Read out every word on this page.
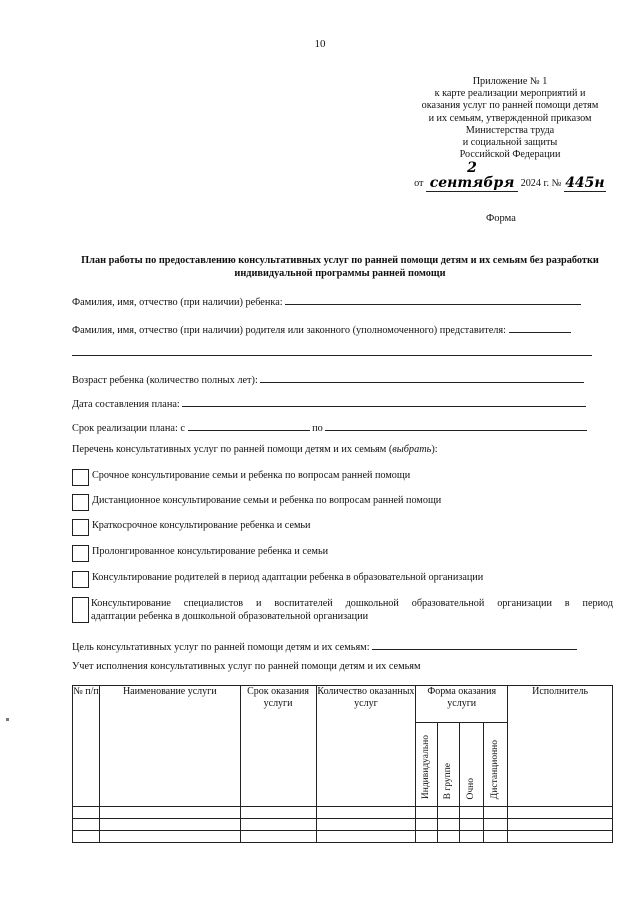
10
Приложение № 1
к карте реализации мероприятий и
оказания услуг по ранней помощи детям
и их семьям, утвержденной приказом
Министерства труда
и социальной защиты
Российской Федерации
от 2 сентября 2024 г. № 445н
Форма
План работы по предоставлению консультативных услуг по ранней помощи детям и их семьям без разработки индивидуальной программы ранней помощи
Фамилия, имя, отчество (при наличии) ребенка:
Фамилия, имя, отчество (при наличии) родителя или законного (уполномоченного) представителя:
Возраст ребенка (количество полных лет):
Дата составления плана:
Срок реализации плана: с	по
Перечень консультативных услуг по ранней помощи детям и их семьям (выбрать):
Срочное консультирование семьи и ребенка по вопросам ранней помощи
Дистанционное консультирование семьи и ребенка по вопросам ранней помощи
Краткосрочное консультирование ребенка и семьи
Пролонгированное консультирование ребенка и семьи
Консультирование родителей в период адаптации ребенка в образовательной организации
Консультирование специалистов и воспитателей дошкольной образовательной организации в период
адаптации ребенка в дошкольной образовательной организации
Цель консультативных услуг по ранней помощи детям и их семьям:
Учет исполнения консультативных услуг по ранней помощи детям и их семьям
№ п/п	Наименование услуги	Срок оказания услуги	Количество оказанных услуг	Форма оказания услуги				Исполнитель
				Индивидуально	В группе	Очно	Дистанционно	
